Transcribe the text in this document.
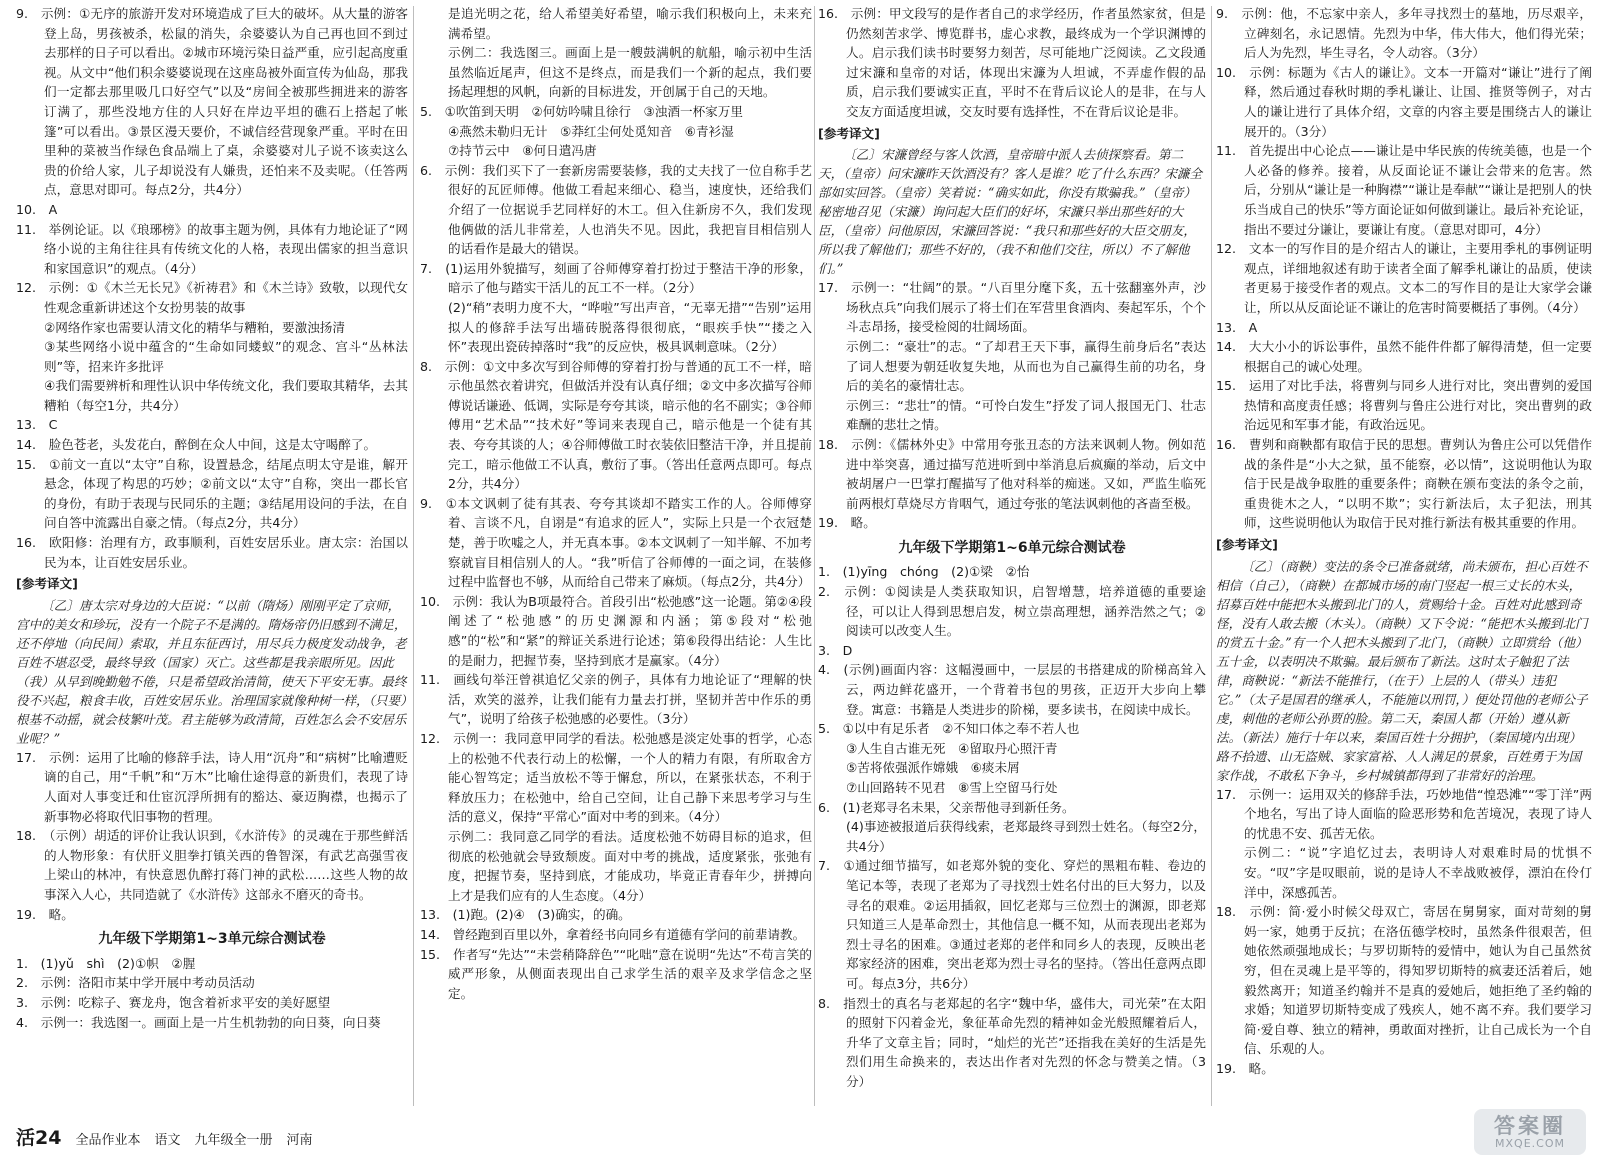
9.　示例：①无序的旅游开发对环境造成了巨大的破坏。从大量的游客登上岛，男孩被杀，松鼠的消失，余婆婆认为自己再也回不到过去那样的日子可以看出。②城市环境污染日益严重，应引起高度重视。从文中“他们积余婆婆说现在这座岛被外面宣传为仙岛，那我们一定都去那里吸几口好空气”以及“房间全被那些拥进来的游客订满了，那些没地方住的人只好在岸边平坦的礁石上搭起了帐篷”可以看出。③景区漫天要价，不诚信经营现象严重。平时在田里种的菜被当作绿色食品端上了桌，余婆婆对儿子说不该卖这么贵的价给人家，儿子却说没有人嫌贵，还怕来不及卖呢。（任答两点，意思对即可。每点2分，共4分）

10.　A

11.　举例论证。以《琅琊榜》的故事主题为例，具体有力地论证了“网络小说的主角往往具有传统文化的人格，表现出儒家的担当意识和家国意识”的观点。（4分）

12.　示例：①《木兰无长兄》《祈祷君》和《木兰诗》致敬，以现代女性观念重新讲述这个女扮男装的故事

②网络作家也需要认清文化的精华与糟粕，要激浊扬清

③某些网络小说中蕴含的“生命如同蝼蚁”的观念、宫斗“丛林法则”等，招来许多批评

④我们需要辨析和理性认识中华传统文化，我们要取其精华，去其糟粕（每空1分，共4分）

13.　C

14.　脸色苍老，头发花白，醉倒在众人中间，这是太守喝醉了。

15.　①前文一直以“太守”自称，设置悬念，结尾点明太守是谁，解开悬念，体现了构思的巧妙；②前文以“太守”自称，突出一郡长官的身份，有助于表现与民同乐的主题；③结尾用设问的手法，在自问自答中流露出自豪之情。（每点2分，共4分）

16.　欧阳修：治理有方，政事顺利，百姓安居乐业。唐太宗：治国以民为本，让百姓安居乐业。

[参考译文]

〔乙〕唐太宗对身边的大臣说：“以前（隋炀）刚刚平定了京师，宫中的美女和珍玩，没有一个院子不是满的。隋炀帝仍旧感到不满足，还不停地（向民间）索取，并且东征西讨，用尽兵力极度发动战争，老百姓不堪忍受，最终导致（国家）灭亡。这些都是我亲眼所见。因此（我）从早到晚勤勉不倦，只是希望政治清简，使天下平安无事。最终役不兴起，粮食丰收，百姓安居乐业。治理国家就像种树一样，（只要）根基不动摇，就会枝繁叶茂。君主能够为政清简，百姓怎么会不安居乐业呢？”

17.　示例：运用了比喻的修辞手法，诗人用“沉舟”和“病树”比喻遭贬谪的自己，用“千帆”和“万木”比喻仕途得意的新贵们，表现了诗人面对人事变迁和仕宦沉浮所拥有的豁达、豪迈胸襟，也揭示了新事物必将取代旧事物的哲理。

18.　（示例）胡适的评价让我认识到，《水浒传》的灵魂在于那些鲜活的人物形象：有伏肝义胆拳打镇关西的鲁智深，有武艺高强雪夜上梁山的林冲，有快意恩仇醉打蒋门神的武松……这些人物的故事深入人心，共同造就了《水浒传》这部永不磨灭的奇书。

19.　略。

九年级下学期第1~3单元综合测试卷

1.　(1)yǔ　shì　(2)①帜　②腥

2.　示例：洛阳市某中学开展中考动员活动

3.　示例：吃粽子、赛龙舟，饱含着祈求平安的美好愿望

4.　示例一：我选图一。画面上是一片生机勃勃的向日葵，向日葵

是追光明之花，给人希望美好希望，喻示我们积极向上，未来充满希望。

示例二：我选图三。画面上是一艘鼓满帆的航船，喻示初中生活虽然临近尾声，但这不是终点，而是我们一个新的起点，我们要扬起理想的风帆，向新的目标进发，开创属于自己的天地。

5.　①吹笛到天明　②何妨吟啸且徐行　③浊酒一杯家万里

④燕然未勒归无计　⑤莽红尘何处觅知音　⑥青衫湿

⑦持节云中　⑧何日遣冯唐

6.　示例：我们买下了一套新房需要装修，我的丈夫找了一位自称手艺很好的瓦匠师傅。他做工看起来细心、稳当，速度快，还给我们介绍了一位据说手艺同样好的木工。但入住新房不久，我们发现他俩做的活儿非常差，人也消失不见。因此，我把盲目相信别人的话看作是最大的错误。

7.　(1)运用外貌描写，刻画了谷师傅穿着打扮过于整洁干净的形象，暗示了他与踏实干活儿的瓦工不一样。（2分）

(2)“稍”表明力度不大，“哗啦”写出声音，“无辜无措”“告别”运用拟人的修辞手法写出墙砖脱落得很彻底，“眼疾手快”“搂之入怀”表现出瓷砖掉落时“我”的反应快，极具讽刺意味。（2分）

8.　示例：①文中多次写到谷师傅的穿着打扮与普通的瓦工不一样，暗示他虽然衣着讲究，但做活并没有认真仔细；②文中多次描写谷师傅说话谦逊、低调，实际是夸夸其谈，暗示他的名不副实；③谷师傅用“艺术品”“技术好”等词来表现自己，暗示他是一个徒有其表、夸夸其谈的人；④谷师傅做工时衣装依旧整洁干净，并且提前完工，暗示他做工不认真，敷衍了事。（答出任意两点即可。每点2分，共4分）

9.　①本文讽刺了徒有其表、夸夸其谈却不踏实工作的人。谷师傅穿着、言谈不凡，自诩是“有追求的匠人”，实际上只是一个衣冠楚楚，善于吹嘘之人，并无真本事。②本文讽刺了一知半解、不加考察就盲目相信别人的人。“我”听信了谷师傅的一面之词，在装修过程中监督也不够，从而给自己带来了麻烦。（每点2分，共4分）

10.　示例：我认为B项最符合。首段引出“松弛感”这一论题。第②④段阐述了“松弛感”的历史渊源和内涵；第⑤段对“松弛感”的“松”和“紧”的辩证关系进行论述；第⑥段得出结论：人生比的是耐力，把握节奏，坚持到底才是赢家。（4分）

11.　画线句举汪曾祺追忆父亲的例子，具体有力地论证了“理解的快活，欢笑的滋养，让我们能有力量去打拼，坚韧并苦中作乐的勇气”，说明了给孩子松弛感的必要性。（3分）

12.　示例一：我同意甲同学的看法。松弛感是淡定处事的哲学，心态上的松弛不代表行动上的松懈，一个人的精力有限，有所取舍方能心智笃定；适当放松不等于懈怠，所以，在紧张状态，不利于释放压力；在松弛中，给自己空间，让自己静下来思考学习与生活的意义，保持“平常心”面对中考的到来。（4分）

示例二：我同意乙同学的看法。适度松弛不妨碍目标的追求，但彻底的松弛就会导致颓废。面对中考的挑战，适度紧张，张弛有度，把握节奏，坚持到底，才能成功，毕竟正青春年少，拼搏向上才是我们应有的人生态度。（4分）

13.　(1)跑。(2)④　(3)确实，的确。

14.　曾经跑到百里以外，拿着经书向同乡有道德有学问的前辈请教。

15.　作者写“先达”“未尝稍降辞色”“叱咄”意在说明“先达”不苟言笑的威严形象，从侧面表现出自己求学生活的艰辛及求学信念之坚定。

16.　示例：甲文段写的是作者自己的求学经历，作者虽然家贫，但是仍然刻苦求学、博览群书，虚心求教，最终成为一个学识渊博的人。启示我们读书时要努力刻苦，尽可能地广泛阅读。乙文段通过宋濂和皇帝的对话，体现出宋濂为人坦诚，不弄虚作假的品质，启示我们要诚实正直，平时不在背后议论人的是非，在与人交友方面适度坦诚，交友时要有选择性，不在背后议论是非。

[参考译文]

〔乙〕宋濂曾经与客人饮酒，皇帝暗中派人去侦探察看。第二天，（皇帝）问宋濂昨天饮酒没有？客人是谁？吃了什么东西？宋濂全部如实回答。（皇帝）笑着说：“确实如此，你没有欺骗我。”（皇帝）秘密地召见（宋濂）询问起大臣们的好坏，宋濂只举出那些好的大臣，（皇帝）问他原因，宋濂回答说：“我只和那些好的大臣交朋友，所以我了解他们；那些不好的，（我不和他们交往，所以）不了解他们。”

17.　示例一：“壮阔”的景。“八百里分麾下炙，五十弦翻塞外声，沙场秋点兵”向我们展示了将士们在军营里食酒肉、奏起军乐，个个斗志昂扬，接受检阅的壮阔场面。

示例二：“豪壮”的志。“了却君王天下事，赢得生前身后名”表达了词人想要为朝廷收复失地，从而也为自己赢得生前的功名，身后的美名的豪情壮志。

示例三：“悲壮”的情。“可怜白发生”抒发了词人报国无门、壮志难酬的悲壮之情。

18.　示例：《儒林外史》中常用夸张丑态的方法来讽刺人物。例如范进中举突喜，通过描写范进听到中举消息后疯癫的举动，后文中被胡屠户一巴掌打醒描写了他对科举的痴迷。又如，严监生临死前两根灯草烧尽方肯咽气，通过夸张的笔法讽刺他的吝啬至极。

19.　略。

九年级下学期第1~6单元综合测试卷

1.　(1)yīng　chóng　(2)①梁　②怡

2.　示例：①阅读是人类获取知识，启智增慧，培养道德的重要途径，可以让人得到思想启发，树立崇高理想，涵养浩然之气；②阅读可以改变人生。

3.　D

4.　(示例)画面内容：这幅漫画中，一层层的书搭建成的阶梯高耸入云，两边鲜花盛开，一个背着书包的男孩，正迈开大步向上攀登。寓意：书籍是人类进步的阶梯，要多读书，在阅读中成长。

5.　①以中有足乐者　②不知口体之奉不若人也

③人生自古谁无死　④留取丹心照汗青

⑤苦将侬强派作嫦娥　⑥痰未屑

⑦山回路转不见君　⑧雪上空留马行处

6.　(1)老郑寻名未果，父亲帮他寻到新任务。

(4)事迹被报道后获得线索，老郑最终寻到烈士姓名。（每空2分，共4分）

7.　①通过细节描写，如老郑外貌的变化、穿烂的黑粗布鞋、卷边的笔记本等，表现了老郑为了寻找烈士姓名付出的巨大努力，以及寻名的艰难。②运用插叙，回忆老郑与三位烈士的渊源，即老郑只知道三人是革命烈士，其他信息一概不知，从而表现出老郑为烈士寻名的困难。③通过老郑的老伴和同乡人的表现，反映出老郑家经济的困难，突出老郑为烈士寻名的坚持。（答出任意两点即可。每点3分，共6分）

8.　指烈士的真名与老郑起的名字“魏中华，盛伟大，司光荣”在太阳的照射下闪着金光，象征革命先烈的精神如金光般照耀着后人，升华了文章主旨；同时，“灿烂的光芒”还指我在美好的生活是先烈们用生命换来的，表达出作者对先烈的怀念与赞美之情。（3分）

9.　示例：他，不忘家中亲人，多年寻找烈士的墓地，历尽艰辛，立碑刻名，永记恩情。先烈为中华，伟大伟大，他们得光荣；后人为先烈，毕生寻名，令人动容。（3分）

10.　示例：标题为《古人的谦让》。文本一开篇对“谦让”进行了阐释，然后通过春秋时期的季札谦让、让国、推贤等例子，对古人的谦让进行了具体介绍，文章的内容主要是围绕古人的谦让展开的。（3分）

11.　首先提出中心论点——谦让是中华民族的传统美德，也是一个人必备的修养。接着，从反面论证不谦让会带来的危害。然后，分别从“谦让是一种胸襟”“谦让是奉献”“谦让是把别人的快乐当成自己的快乐”等方面论证如何做到谦让。最后补充论证，指出不要过分谦让，要谦让有度。（意思对即可，4分）

12.　文本一的写作目的是介绍古人的谦让，主要用季札的事例证明观点，详细地叙述有助于读者全面了解季札谦让的品质，使读者更易于接受作者的观点。文本二的写作目的是让大家学会谦让，所以从反面论证不谦让的危害时简要概括了事例。（4分）

13.　A

14.　大大小小的诉讼事件，虽然不能件件都了解得清楚，但一定要根据自己的诚心处理。

15.　运用了对比手法，将曹刿与同乡人进行对比，突出曹刿的爱国热情和高度责任感；将曹刿与鲁庄公进行对比，突出曹刿的政治远见和军事才能，有政治远见。

16.　曹刿和商鞅都有取信于民的思想。曹刿认为鲁庄公可以凭借作战的条件是“小大之狱，虽不能察，必以情”，这说明他认为取信于民是战争取胜的重要条件；商鞅在颁布变法的条令之前，重贵徙木之人，“以明不欺”；实行新法后，太子犯法，刑其师，这些说明他认为取信于民对推行新法有极其重要的作用。

[参考译文]

〔乙〕（商鞅）变法的条令已准备就绪，尚未颁布，担心百姓不相信（自己），（商鞅）在都城市场的南门竖起一根三丈长的木头，招募百姓中能把木头搬到北门的人，赏赐给十金。百姓对此感到奇怪，没有人敢去搬（木头）。（商鞅）又下令说：“能把木头搬到北门的赏五十金。”有一个人把木头搬到了北门，（商鞅）立即赏给（他）五十金，以表明决不欺骗。最后颁布了新法。这时太子触犯了法律，商鞅说：“新法不能推行，（在于）上层的人（带头）违犯它。”（太子是国君的继承人，不能施以刑罚，）便处罚他的老师公子虔，刺他的老师公孙贾的脸。第二天，秦国人都（开始）遵从新法。（新法）施行十年以来，秦国百姓十分拥护，（秦国境内出现）路不拾遗、山无盗贼、家家富裕、人人满足的景象，百姓勇于为国家作战，不敢私下争斗，乡村城镇都得到了非常好的治理。

17.　示例一：运用双关的修辞手法，巧妙地借“惶恐滩”“零丁洋”两个地名，写出了诗人面临的险恶形势和危苦境况，表现了诗人的忧患不安、孤苦无依。

示例二：“说”字追忆过去，表明诗人对艰难时局的忧惧不安。“叹”字是叹眼前，说的是诗人不幸战败被俘，漂泊在伶仃洋中，深感孤苦。

18.　示例：简·爱小时候父母双亡，寄居在舅舅家，面对苛刻的舅妈一家，她勇于反抗；在洛伍德学校时，虽然条件很艰苦，但她依然顽强地成长；与罗切斯特的爱情中，她认为自己虽然贫穷，但在灵魂上是平等的，得知罗切斯特的疯妻还活着后，她毅然离开；知道圣约翰并不是真的爱她后，她拒绝了圣约翰的求婚；知道罗切斯特变成了残疾人，她不离不弃。我们要学习简·爱自尊、独立的精神，勇敢面对挫折，让自己成长为一个自信、乐观的人。

19.　略。

活24 全品作业本 语文 九年级全一册 河南
答案圈
MXQE.COM
